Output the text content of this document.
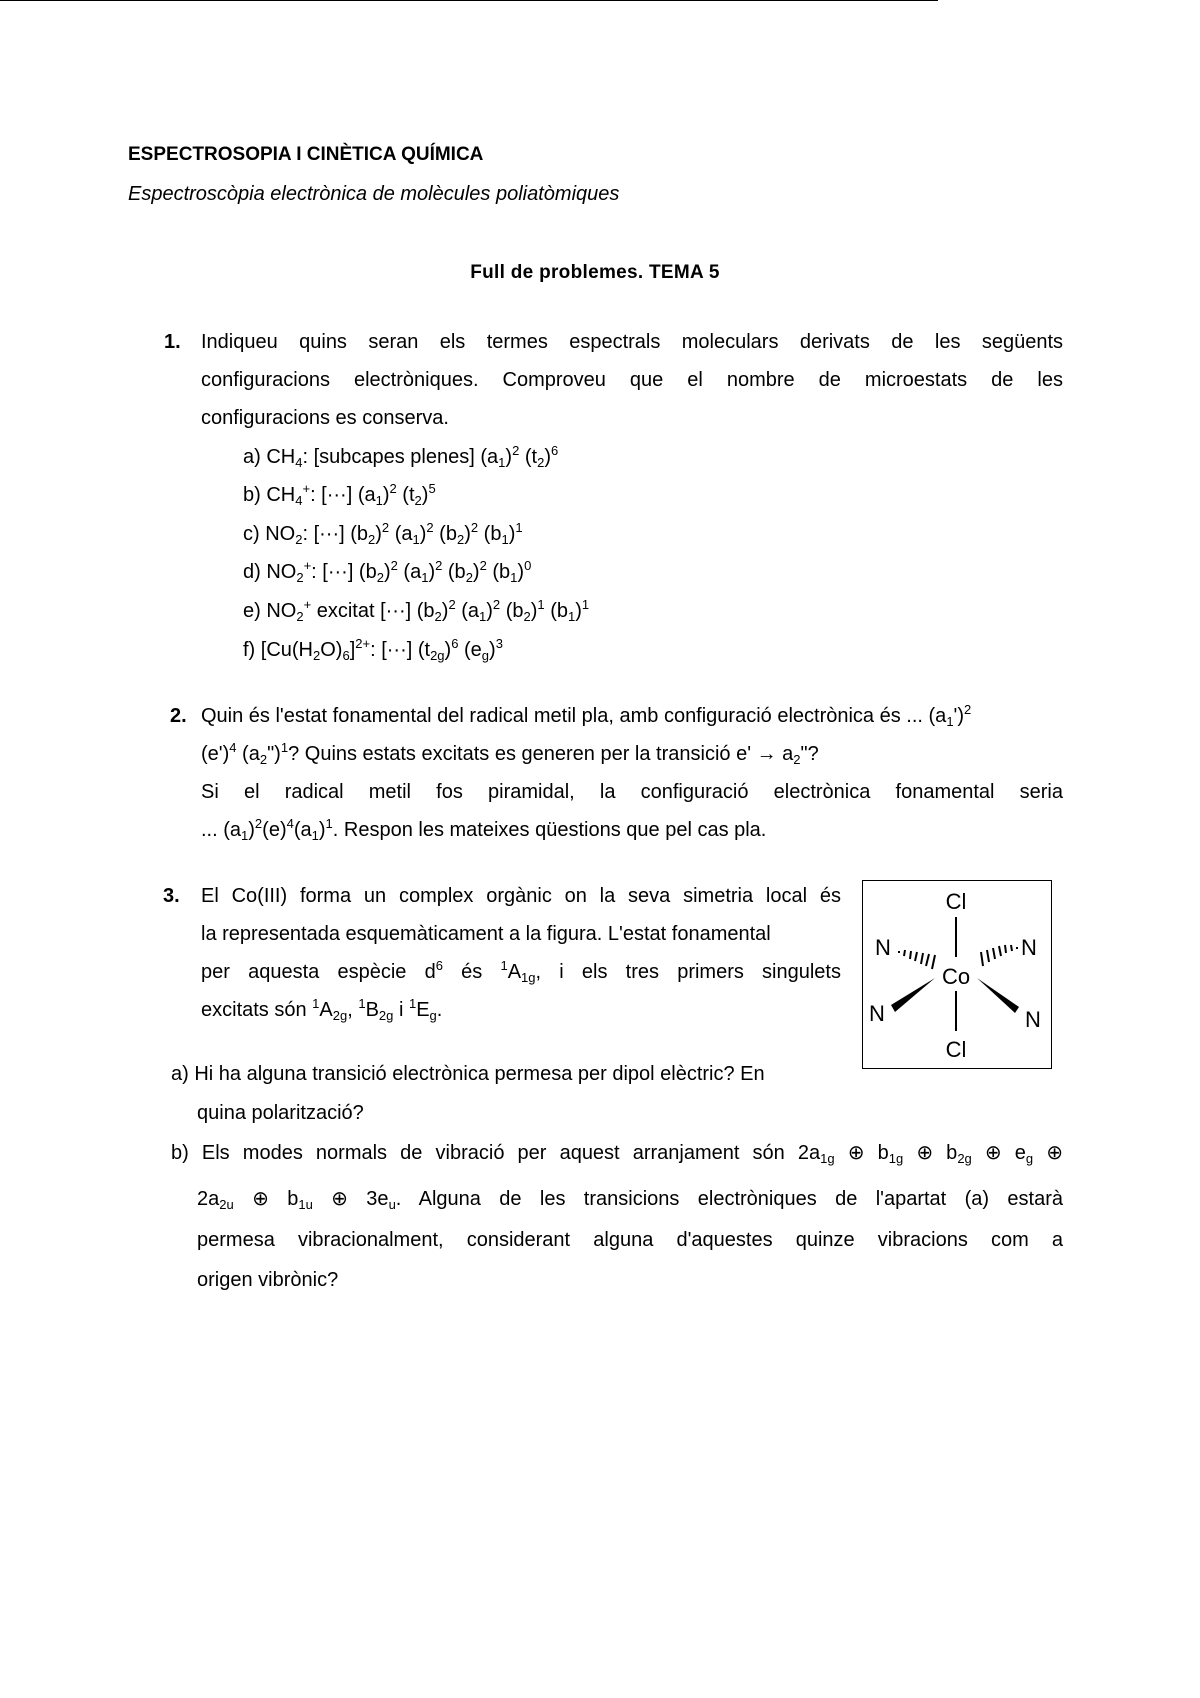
ESPECTROSOPIA I CINÈTICA QUÍMICA
Espectroscòpia electrònica de molècules poliatòmiques
Full de problemes. TEMA 5
1. Indiqueu quins seran els termes espectrals moleculars derivats de les següents
configuracions electròniques. Comproveu que el nombre de microestats de les
configuracions es conserva.
a) $CH_4$: [subcapes plenes] $(a_1)^2$ $(t_2)^6$
b) $CH_4^+$: [···] $(a_1)^2$ $(t_2)^5$
c) $NO_2$: [···] $(b_2)^2$ $(a_1)^2$ $(b_2)^2$ $(b_1)^1$
d) $NO_2^+$: [···] $(b_2)^2$ $(a_1)^2$ $(b_2)^2$ $(b_1)^0$
e) $NO_2^+$ excitat [···] $(b_2)^2$ $(a_1)^2$ $(b_2)^1$ $(b_1)^1$
f) $[Cu(H_2O)_6]^{2+}$: [···] $(t_{2g})^6$ $(e_g)^3$
2. Quin és l'estat fonamental del radical metil pla, amb configuració electrònica és ... $(a_1')^2$
$(e')^4$ $(a_2")^1$? Quins estats excitats es generen per la transició $e' \to a_2$"?
Si el radical metil fos piramidal, la configuració electrònica fonamental seria
... $(a_1)^2(e)^4(a_1)^1$. Respon les mateixes qüestions que pel cas pla.
3. El Co(III) forma un complex orgànic on la seva simetria local és
la representada esquemàticament a la figura. L'estat fonamental
per aquesta espècie $d^6$ és $^1A_{1g}$, i els tres primers singulets
excitats són $^1A_{2g}$, $^1B_{2g}$ i $^1E_g$.
Cl
Co
Cl
N	N
N	N
a) Hi ha alguna transició electrònica permesa per dipol elèctric? En
quina polarització?
b) Els modes normals de vibració per aquest arranjament són $2a_{1g}$ ⊕ $b_{1g}$ ⊕ $b_{2g}$ ⊕ $e_g$ ⊕
$2a_{2u}$ ⊕ $b_{1u}$ ⊕ $3e_u$. Alguna de les transicions electròniques de l'apartat (a) estarà
permesa vibracionalment, considerant alguna d'aquestes quinze vibracions com a
origen vibrònic?
